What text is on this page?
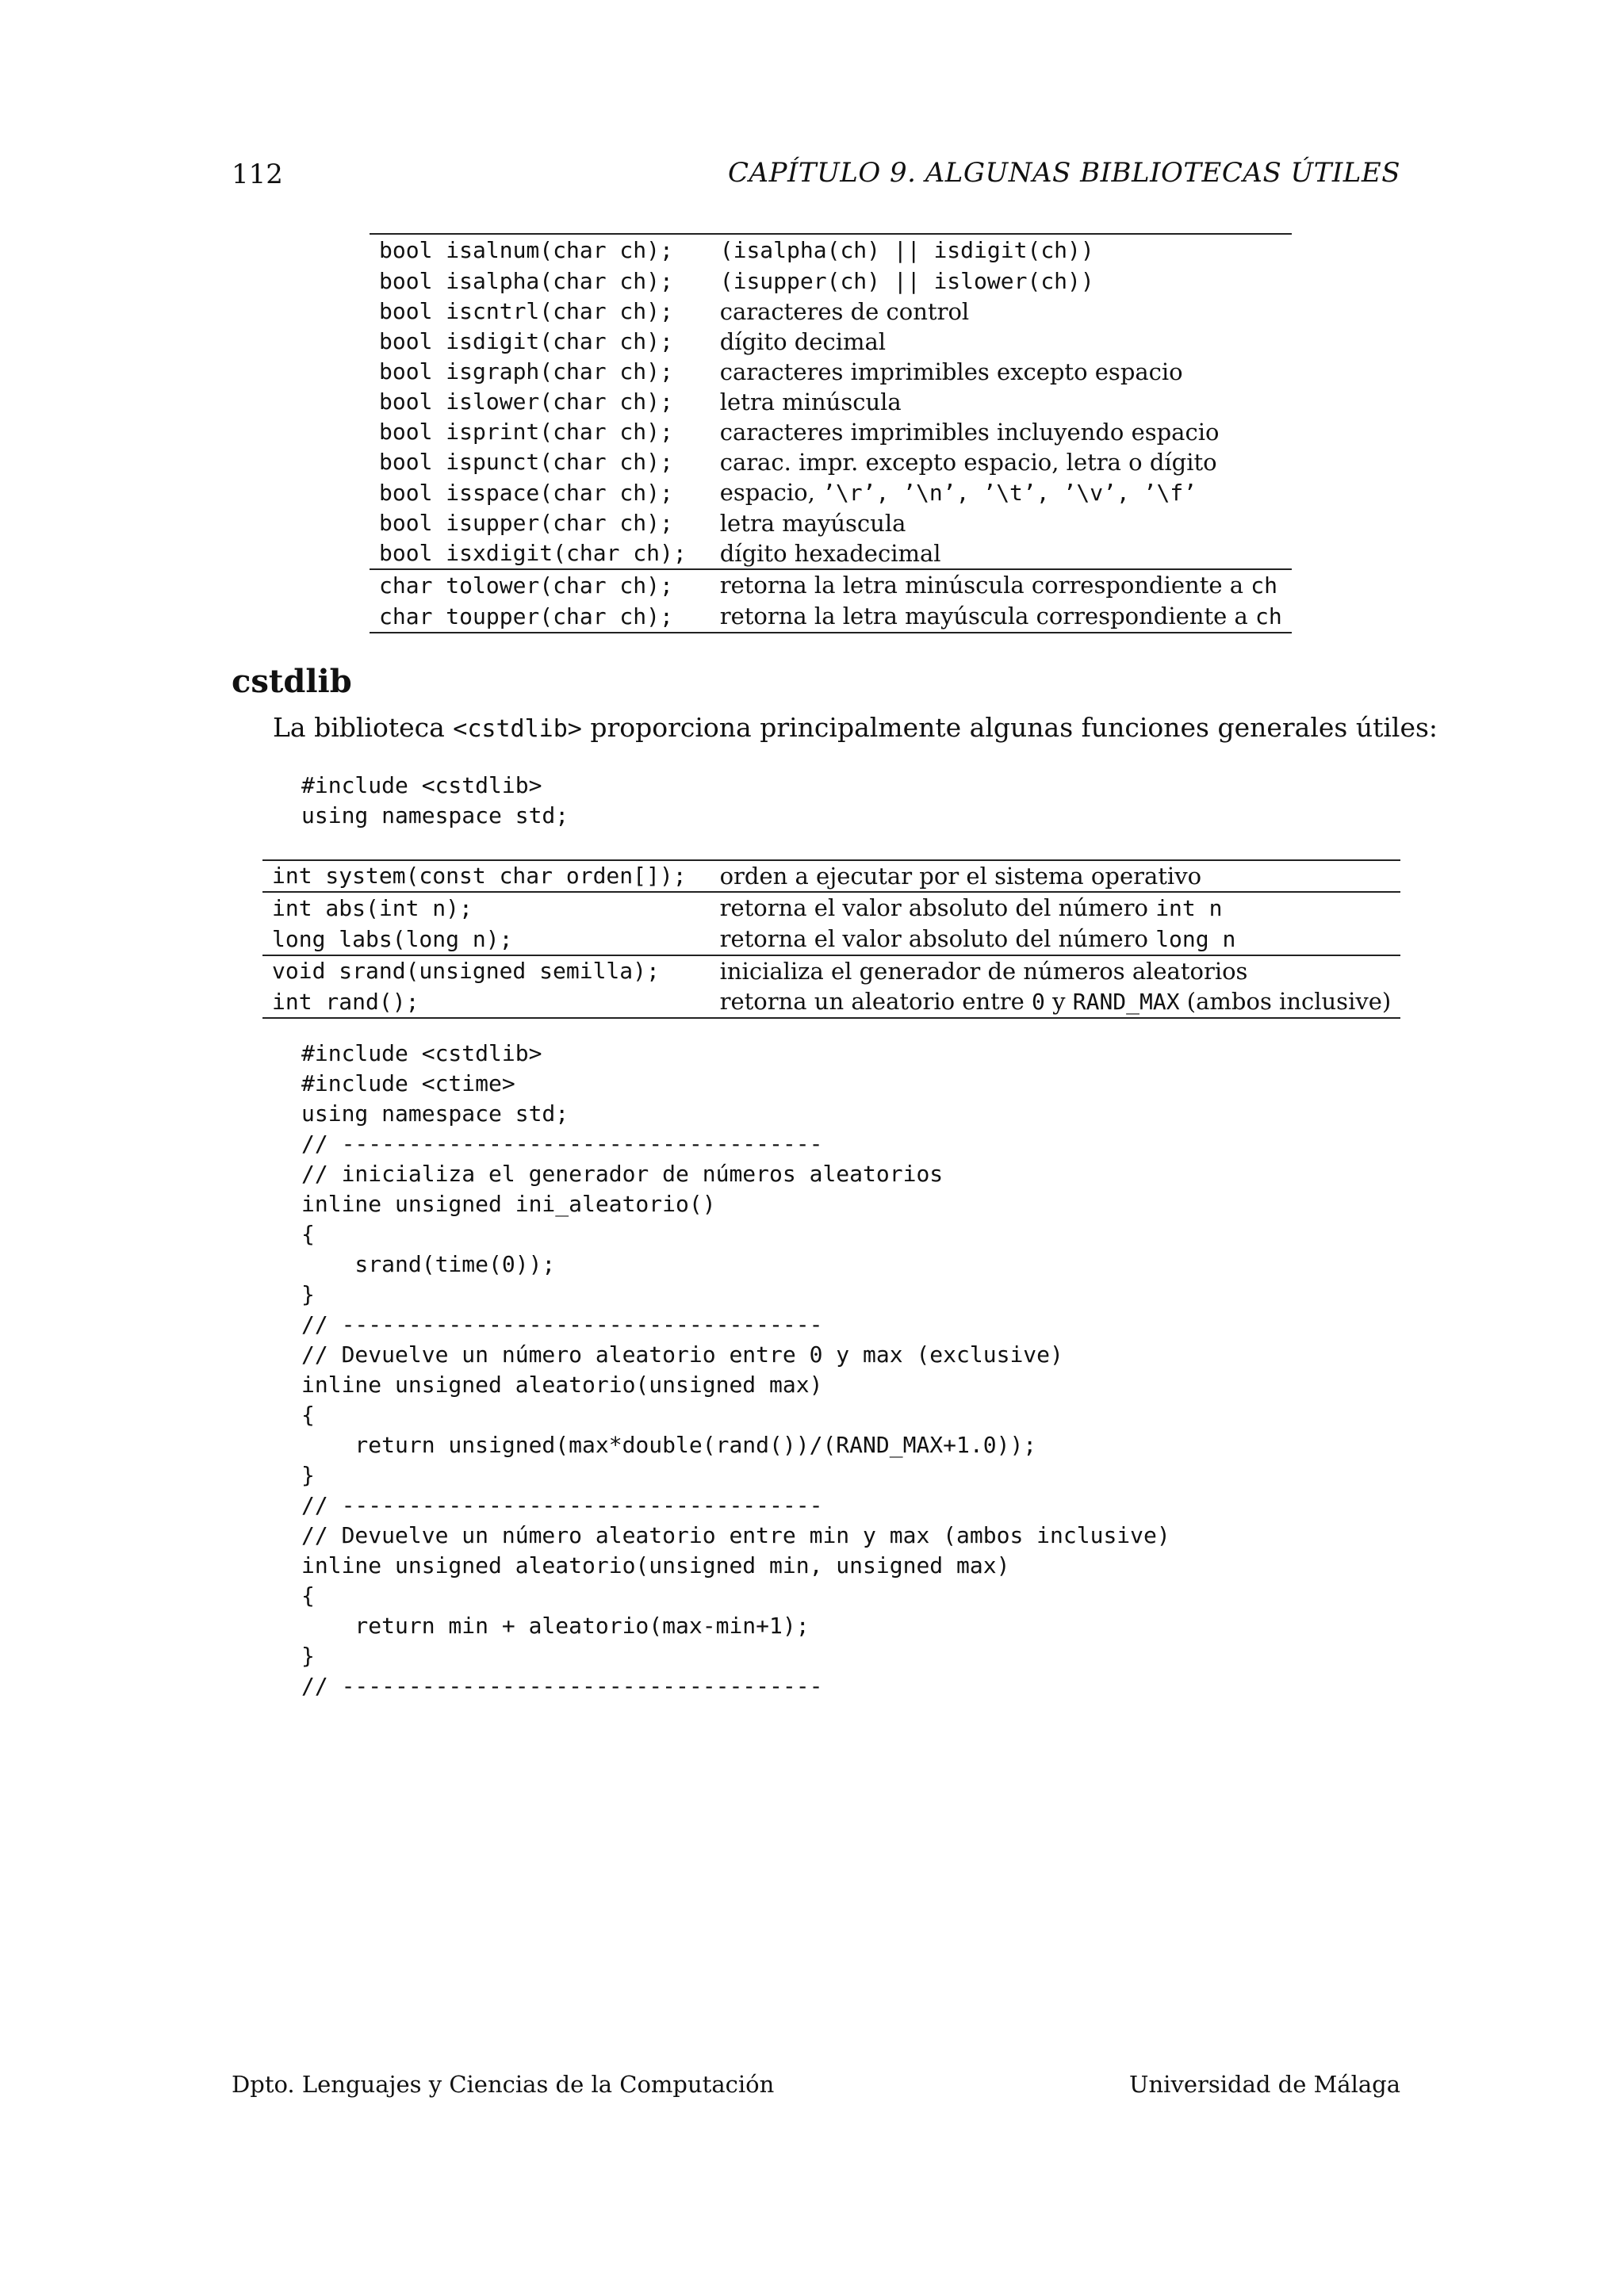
112	CAPÍTULO 9. ALGUNAS BIBLIOTECAS ÚTILES
bool isalnum(char ch);	(isalpha(ch) || isdigit(ch))
bool isalpha(char ch);	(isupper(ch) || islower(ch))
bool iscntrl(char ch);	caracteres de control
bool isdigit(char ch);	dígito decimal
bool isgraph(char ch);	caracteres imprimibles excepto espacio
bool islower(char ch);	letra minúscula
bool isprint(char ch);	caracteres imprimibles incluyendo espacio
bool ispunct(char ch);	carac. impr. excepto espacio, letra o dígito
bool isspace(char ch);	espacio, ’\r’, ’\n’, ’\t’, ’\v’, ’\f’
bool isupper(char ch);	letra mayúscula
bool isxdigit(char ch);	dígito hexadecimal
char tolower(char ch);	retorna la letra minúscula correspondiente a ch
char toupper(char ch);	retorna la letra mayúscula correspondiente a ch
cstdlib

La biblioteca <cstdlib> proporciona principalmente algunas funciones generales útiles:

#include <cstdlib>
using namespace std;
int system(const char orden[]);	orden a ejecutar por el sistema operativo
int abs(int n);	retorna el valor absoluto del número int n
long labs(long n);	retorna el valor absoluto del número long n
void srand(unsigned semilla);	inicializa el generador de números aleatorios
int rand();	retorna un aleatorio entre 0 y RAND_MAX (ambos inclusive)
#include <cstdlib>
#include <ctime>
using namespace std;
// ------------------------------------
// inicializa el generador de números aleatorios
inline unsigned ini_aleatorio()
{
srand(time(0));
}
// ------------------------------------
// Devuelve un número aleatorio entre 0 y max (exclusive)
inline unsigned aleatorio(unsigned max)
{
return unsigned(max*double(rand())/(RAND_MAX+1.0));
}
// ------------------------------------
// Devuelve un número aleatorio entre min y max (ambos inclusive)
inline unsigned aleatorio(unsigned min, unsigned max)
{
return min + aleatorio(max-min+1);
}
// ------------------------------------
Dpto. Lenguajes y Ciencias de la Computación	Universidad de Málaga
